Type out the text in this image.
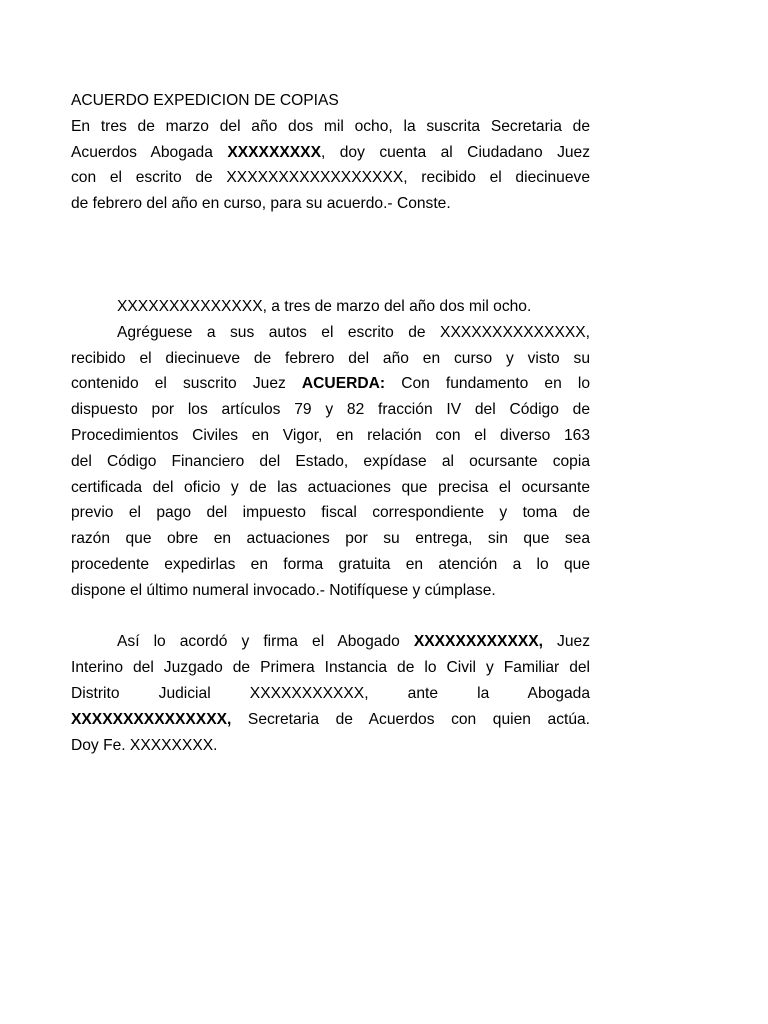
ACUERDO EXPEDICION DE COPIAS
En tres de marzo del año dos mil ocho, la suscrita Secretaria de
Acuerdos Abogada XXXXXXXXX, doy cuenta al Ciudadano Juez
con el escrito de XXXXXXXXXXXXXXXXX, recibido el diecinueve
de febrero del año en curso, para su acuerdo.- Conste.
XXXXXXXXXXXXXX, a tres de marzo del año dos mil ocho.
Agréguese a sus autos el escrito de XXXXXXXXXXXXXX,
recibido el diecinueve de febrero del año en curso y visto su
contenido el suscrito Juez ACUERDA: Con fundamento en lo
dispuesto por los artículos 79 y 82 fracción IV del Código de
Procedimientos Civiles en Vigor, en relación con el diverso 163
del Código Financiero del Estado, expídase al ocursante copia
certificada del oficio y de las actuaciones que precisa el ocursante
previo el pago del impuesto fiscal correspondiente y toma de
razón que obre en actuaciones por su entrega, sin que sea
procedente expedirlas en forma gratuita en atención a lo que
dispone el último numeral invocado.- Notifíquese y cúmplase.
Así lo acordó y firma el Abogado XXXXXXXXXXXX, Juez
Interino del Juzgado de Primera Instancia de lo Civil y Familiar del
Distrito Judicial XXXXXXXXXXX, ante la Abogada
XXXXXXXXXXXXXXX, Secretaria de Acuerdos con quien actúa.
Doy Fe. XXXXXXXX.
